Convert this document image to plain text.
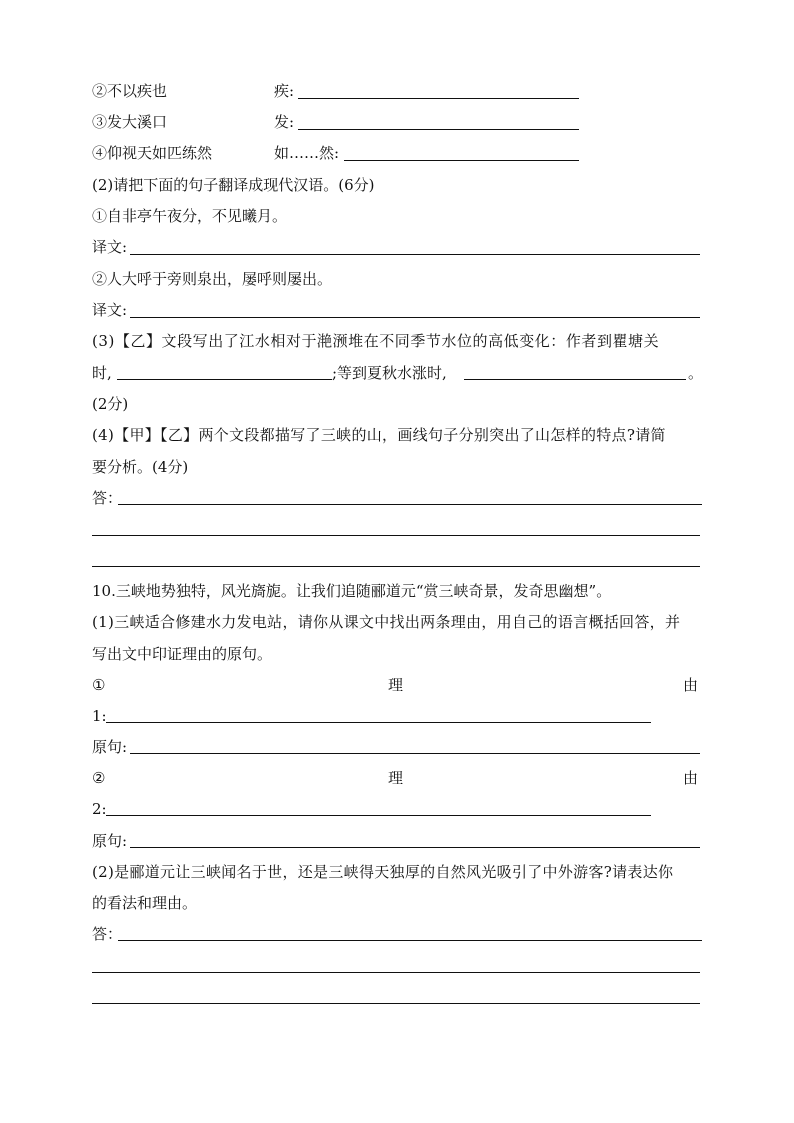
②不以疾也	疾:
③发大溪口	发:
④仰视天如匹练然	如……然:
(2)请把下面的句子翻译成现代汉语。(6分)
①自非亭午夜分，不见曦月。
译文:
②人大呼于旁则泉出，屡呼则屡出。
译文:
(3)【乙】文段写出了江水相对于滟滪堆在不同季节水位的高低变化：作者到瞿塘关
时,	;等到夏秋水涨时,	。
(2分)
(4)【甲】【乙】两个文段都描写了三峡的山，画线句子分别突出了山怎样的特点?请简
要分析。(4分)
答：
10.三峡地势独特，风光旖旎。让我们追随郦道元“赏三峡奇景，发奇思幽想”。
(1)三峡适合修建水力发电站，请你从课文中找出两条理由，用自己的语言概括回答，并
写出文中印证理由的原句。
①	理	由
1:
原句:
②	理	由
2:
原句:
(2)是郦道元让三峡闻名于世，还是三峡得天独厚的自然风光吸引了中外游客?请表达你
的看法和理由。
答：
